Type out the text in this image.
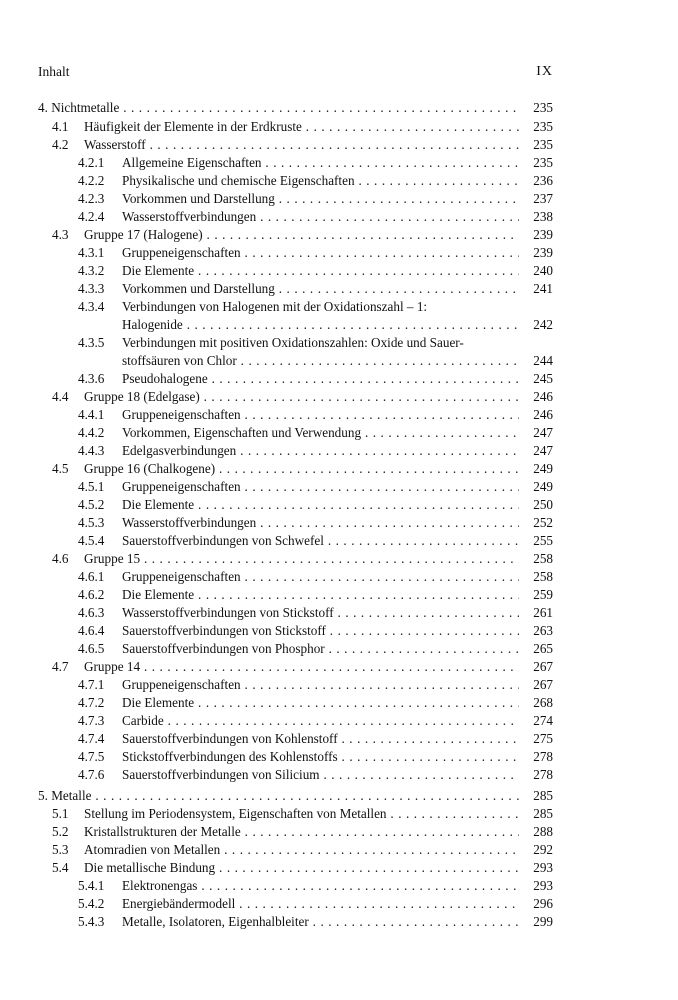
Inhalt	IX
4. Nichtmetalle . . .	235
4.1 Häufigkeit der Elemente in der Erdkruste . . .	235
4.2 Wasserstoff . . .	235
4.2.1 Allgemeine Eigenschaften . . .	235
4.2.2 Physikalische und chemische Eigenschaften . . .	236
4.2.3 Vorkommen und Darstellung . . .	237
4.2.4 Wasserstoffverbindungen . . .	238
4.3 Gruppe 17 (Halogene) . . .	239
4.3.1 Gruppeneigenschaften . . .	239
4.3.2 Die Elemente . . .	240
4.3.3 Vorkommen und Darstellung . . .	241
4.3.4 Verbindungen von Halogenen mit der Oxidationszahl – 1:
Halogenide . . .	242
4.3.5 Verbindungen mit positiven Oxidationszahlen: Oxide und Sauer-
stoffsäuren von Chlor . . .	244
4.3.6 Pseudohalogene . . .	245
4.4 Gruppe 18 (Edelgase) . . .	246
4.4.1 Gruppeneigenschaften . . .	246
4.4.2 Vorkommen, Eigenschaften und Verwendung . . .	247
4.4.3 Edelgasverbindungen . . .	247
4.5 Gruppe 16 (Chalkogene) . . .	249
4.5.1 Gruppeneigenschaften . . .	249
4.5.2 Die Elemente . . .	250
4.5.3 Wasserstoffverbindungen . . .	252
4.5.4 Sauerstoffverbindungen von Schwefel . . .	255
4.6 Gruppe 15 . . .	258
4.6.1 Gruppeneigenschaften . . .	258
4.6.2 Die Elemente . . .	259
4.6.3 Wasserstoffverbindungen von Stickstoff . . .	261
4.6.4 Sauerstoffverbindungen von Stickstoff . . .	263
4.6.5 Sauerstoffverbindungen von Phosphor . . .	265
4.7 Gruppe 14 . . .	267
4.7.1 Gruppeneigenschaften . . .	267
4.7.2 Die Elemente . . .	268
4.7.3 Carbide . . .	274
4.7.4 Sauerstoffverbindungen von Kohlenstoff . . .	275
4.7.5 Stickstoffverbindungen des Kohlenstoffs . . .	278
4.7.6 Sauerstoffverbindungen von Silicium . . .	278
5. Metalle . . .	285
5.1 Stellung im Periodensystem, Eigenschaften von Metallen . . .	285
5.2 Kristallstrukturen der Metalle . . .	288
5.3 Atomradien von Metallen . . .	292
5.4 Die metallische Bindung . . .	293
5.4.1 Elektronengas . . .	293
5.4.2 Energiebändermodell . . .	296
5.4.3 Metalle, Isolatoren, Eigenhalbleiter . . .	299
